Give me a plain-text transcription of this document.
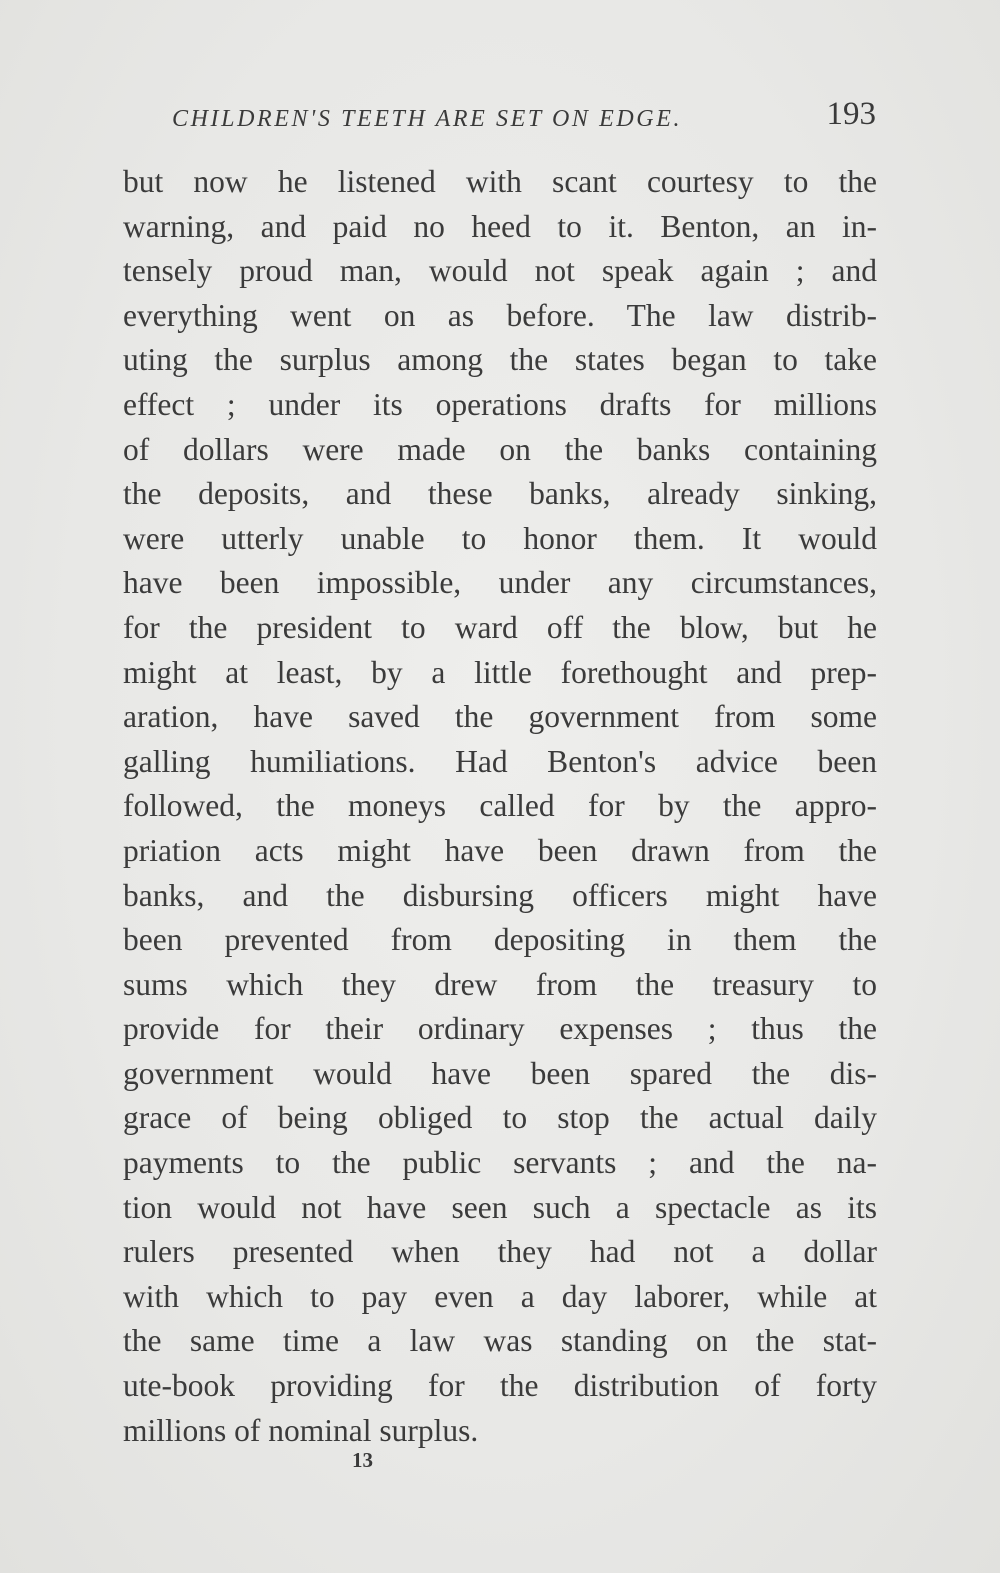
CHILDREN'S TEETH ARE SET ON EDGE.	193
but now he listened with scant courtesy to the
warning, and paid no heed to it. Benton, an in-
tensely proud man, would not speak again ; and
everything went on as before. The law distrib-
uting the surplus among the states began to take
effect ; under its operations drafts for millions
of dollars were made on the banks containing
the deposits, and these banks, already sinking,
were utterly unable to honor them. It would
have been impossible, under any circumstances,
for the president to ward off the blow, but he
might at least, by a little forethought and prep-
aration, have saved the government from some
galling humiliations. Had Benton's advice been
followed, the moneys called for by the appro-
priation acts might have been drawn from the
banks, and the disbursing officers might have
been prevented from depositing in them the
sums which they drew from the treasury to
provide for their ordinary expenses ; thus the
government would have been spared the dis-
grace of being obliged to stop the actual daily
payments to the public servants ; and the na-
tion would not have seen such a spectacle as its
rulers presented when they had not a dollar
with which to pay even a day laborer, while at
the same time a law was standing on the stat-
ute-book providing for the distribution of forty
millions of nominal surplus.
13
